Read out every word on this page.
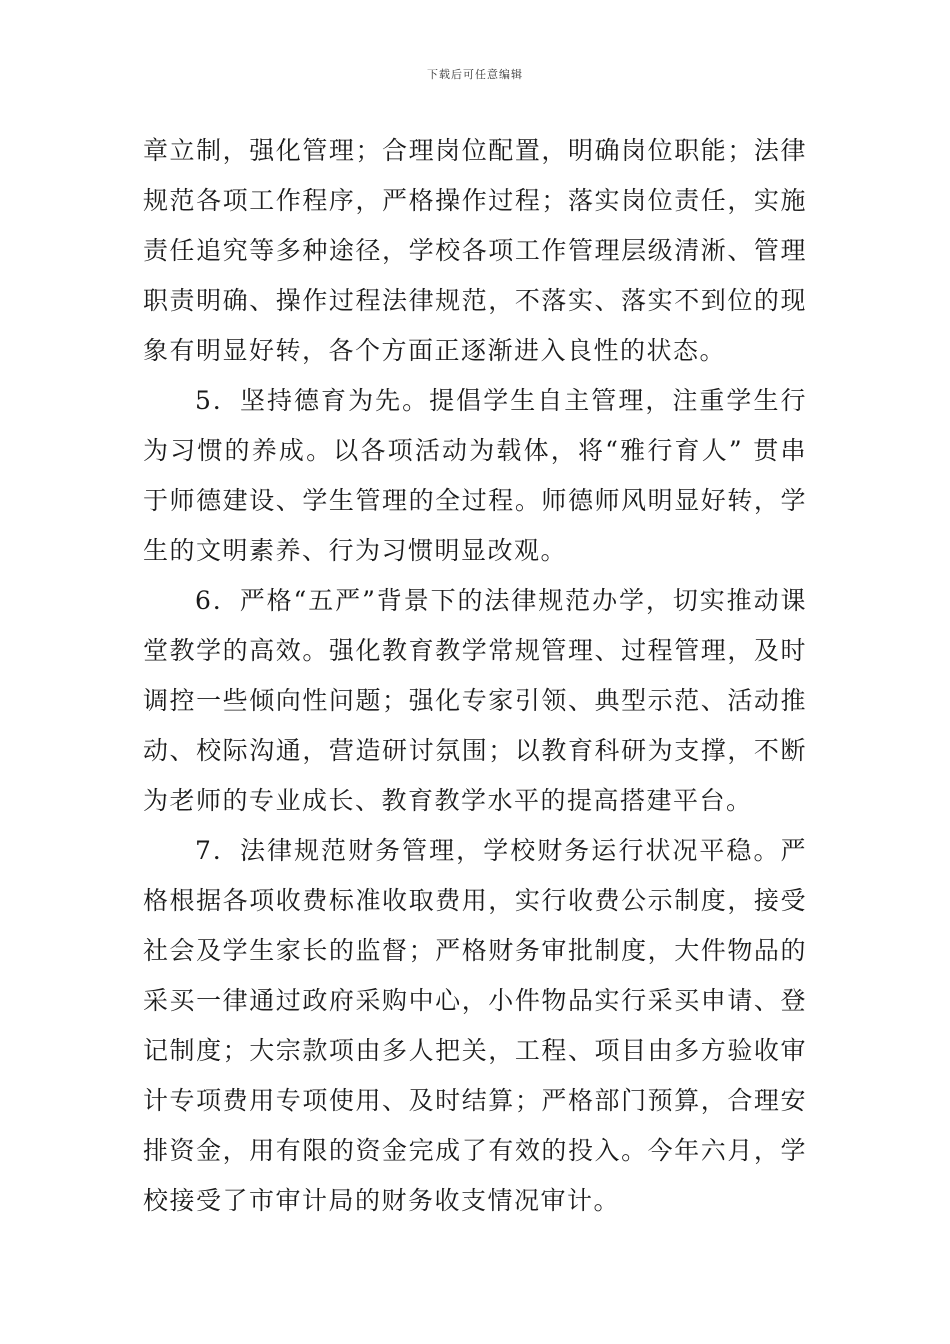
下载后可任意编辑

章立制，强化管理；合理岗位配置，明确岗位职能；法律规范各项工作程序，严格操作过程；落实岗位责任，实施责任追究等多种途径，学校各项工作管理层级清淅、管理职责明确、操作过程法律规范，不落实、落实不到位的现象有明显好转，各个方面正逐渐进入良性的状态。

5．坚持德育为先。提倡学生自主管理，注重学生行为习惯的养成。以各项活动为载体，将“雅行育人” 贯串于师德建设、学生管理的全过程。师德师风明显好转，学生的文明素养、行为习惯明显改观。

6．严格“五严”背景下的法律规范办学，切实推动课堂教学的高效。强化教育教学常规管理、过程管理，及时调控一些倾向性问题；强化专家引领、典型示范、活动推动、校际沟通，营造研讨氛围；以教育科研为支撑，不断为老师的专业成长、教育教学水平的提高搭建平台。

7．法律规范财务管理，学校财务运行状况平稳。严格根据各项收费标准收取费用，实行收费公示制度，接受社会及学生家长的监督；严格财务审批制度，大件物品的采买一律通过政府采购中心，小件物品实行采买申请、登记制度；大宗款项由多人把关，工程、项目由多方验收审计专项费用专项使用、及时结算；严格部门预算，合理安排资金，用有限的资金完成了有效的投入。今年六月，学校接受了市审计局的财务收支情况审计。
